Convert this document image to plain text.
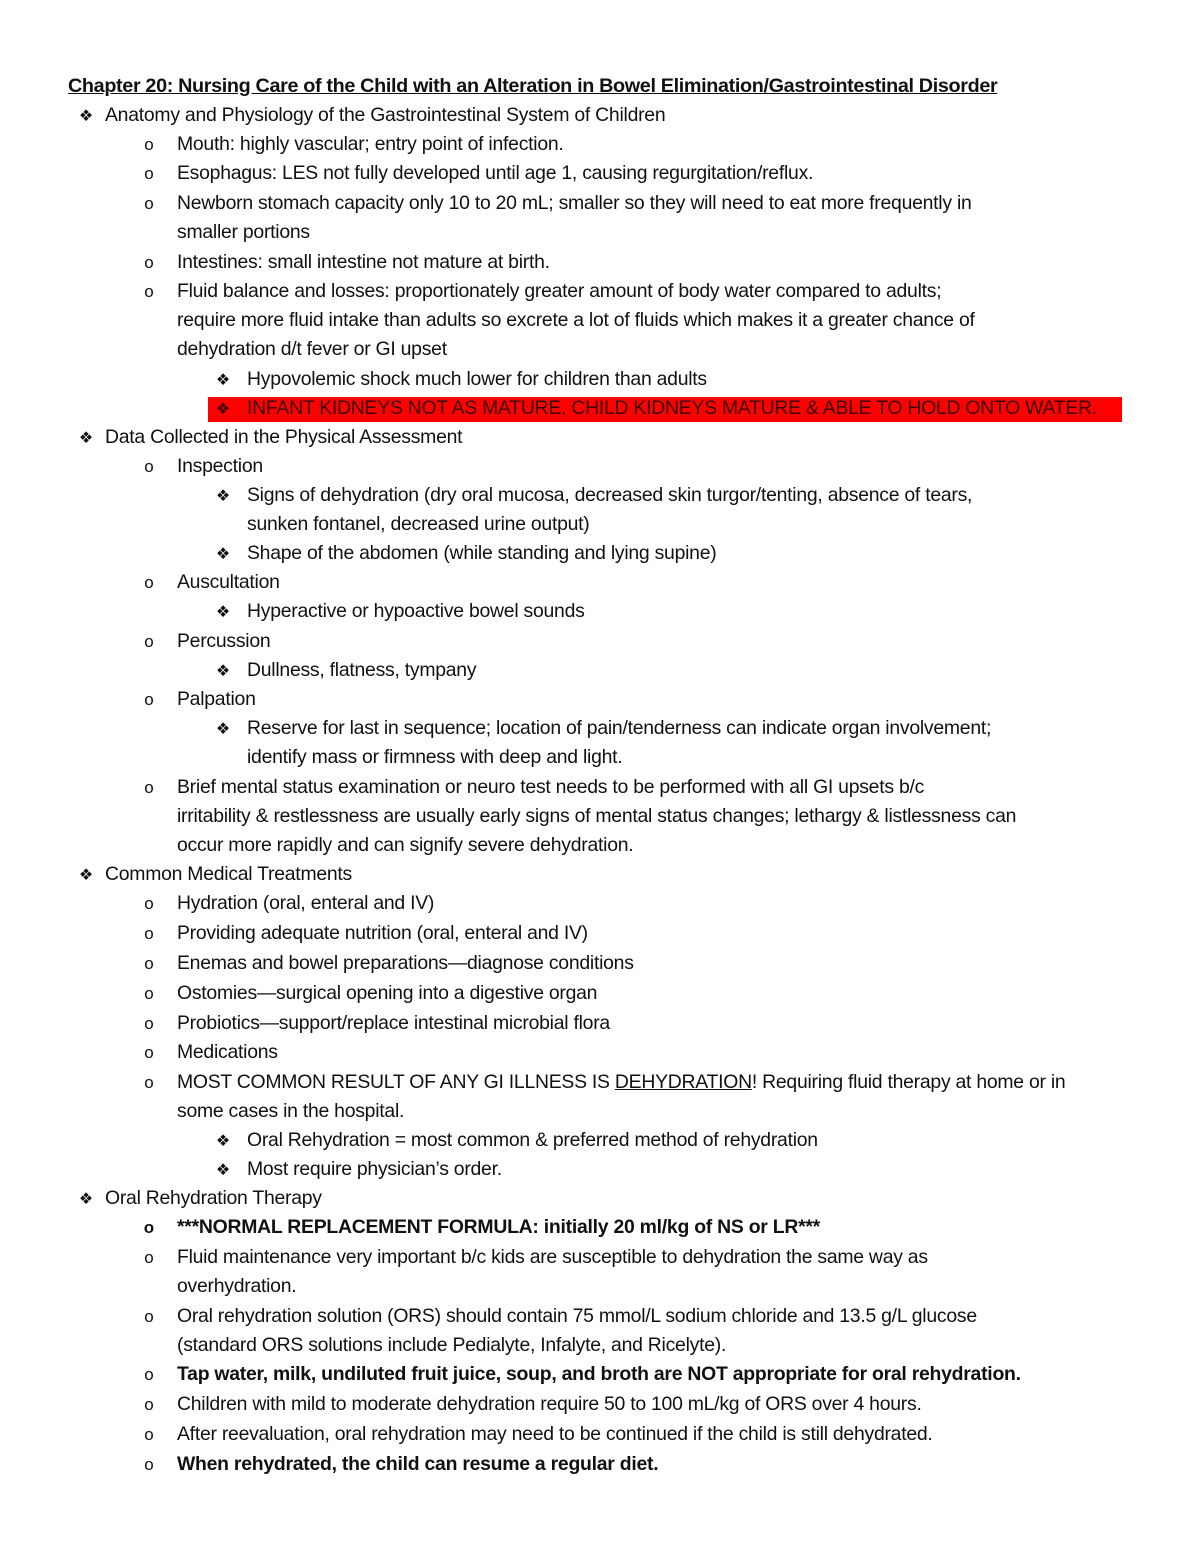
Chapter 20: Nursing Care of the Child with an Alteration in Bowel Elimination/Gastrointestinal Disorder
❖ Anatomy and Physiology of the Gastrointestinal System of Children
o Mouth: highly vascular; entry point of infection.
o Esophagus: LES not fully developed until age 1, causing regurgitation/reflux.
o Newborn stomach capacity only 10 to 20 mL; smaller so they will need to eat more frequently in
smaller portions
o Intestines: small intestine not mature at birth.
o Fluid balance and losses: proportionately greater amount of body water compared to adults;
require more fluid intake than adults so excrete a lot of fluids which makes it a greater chance of
dehydration d/t fever or GI upset
❖ Hypovolemic shock much lower for children than adults
❖ INFANT KIDNEYS NOT AS MATURE. CHILD KIDNEYS MATURE & ABLE TO HOLD ONTO WATER.
❖ Data Collected in the Physical Assessment
o Inspection
❖ Signs of dehydration (dry oral mucosa, decreased skin turgor/tenting, absence of tears,
sunken fontanel, decreased urine output)
❖ Shape of the abdomen (while standing and lying supine)
o Auscultation
❖ Hyperactive or hypoactive bowel sounds
o Percussion
❖ Dullness, flatness, tympany
o Palpation
❖ Reserve for last in sequence; location of pain/tenderness can indicate organ involvement;
identify mass or firmness with deep and light.
o Brief mental status examination or neuro test needs to be performed with all GI upsets b/c
irritability & restlessness are usually early signs of mental status changes; lethargy & listlessness can
occur more rapidly and can signify severe dehydration.
❖ Common Medical Treatments
o Hydration (oral, enteral and IV)
o Providing adequate nutrition (oral, enteral and IV)
o Enemas and bowel preparations—diagnose conditions
o Ostomies—surgical opening into a digestive organ
o Probiotics—support/replace intestinal microbial flora
o Medications
o MOST COMMON RESULT OF ANY GI ILLNESS IS DEHYDRATION! Requiring fluid therapy at home or in
some cases in the hospital.
❖ Oral Rehydration = most common & preferred method of rehydration
❖ Most require physician’s order.
❖ Oral Rehydration Therapy
o ***NORMAL REPLACEMENT FORMULA: initially 20 ml/kg of NS or LR***
o Fluid maintenance very important b/c kids are susceptible to dehydration the same way as
overhydration.
o Oral rehydration solution (ORS) should contain 75 mmol/L sodium chloride and 13.5 g/L glucose
(standard ORS solutions include Pedialyte, Infalyte, and Ricelyte).
o Tap water, milk, undiluted fruit juice, soup, and broth are NOT appropriate for oral rehydration.
o Children with mild to moderate dehydration require 50 to 100 mL/kg of ORS over 4 hours.
o After reevaluation, oral rehydration may need to be continued if the child is still dehydrated.
o When rehydrated, the child can resume a regular diet.
